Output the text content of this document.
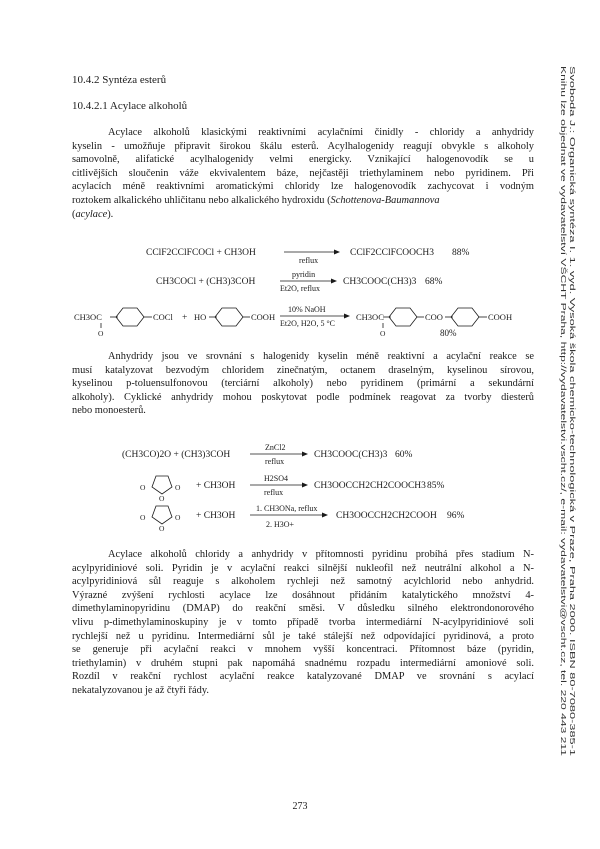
10.4.2 Syntéza esterů
10.4.2.1 Acylace alkoholů
Acylace alkoholů klasickými reaktivními acylačními činidly - chloridy a anhydridy
kyselin - umožňuje připravit širokou škálu esterů. Acylhalogenidy reagují obvykle s alkoholy
samovolně, alifatické acylhalogenidy velmi energicky. Vznikající halogenovodík se u
citlivějších sloučenin váže ekvivalentem báze, nejčastěji triethylaminem nebo pyridinem. Při
acylacích méně reaktivními aromatickými chloridy lze halogenovodík zachycovat i vodným
roztokem alkalického uhličitanu nebo alkalického hydroxidu (Schottenova-Baumannova
(acylace).
CClF2CClFCOCl + CH3OH
reflux
CClF2CClFCOOCH3 88%
CH3COCl + (CH3)3COH
pyridin
Et2O, reflux
CH3COOC(CH3)3 68%
CH3OC
O
COCl + HO	COOH
10% NaOH
Et2O, H2O, 5 °C
CH3OC
O
COO	COOH
80%
Anhydridy jsou ve srovnání s halogenidy kyselin méně reaktivní a acylační reakce se
musí katalyzovat bezvodým chloridem zinečnatým, octanem draselným, kyselinou sírovou,
kyselinou p-toluensulfonovou (terciární alkoholy) nebo pyridinem (primární a sekundární
alkoholy). Cyklické anhydridy mohou poskytovat podle podmínek reagovat za tvorby diesterů
nebo monoesterů.
(CH3CO)2O + (CH3)3COH
ZnCl2
reflux
CH3COOC(CH3)3 60%
O	O
O
+ CH3OH
H2SO4
reflux
CH3OOCCH2CH2COOCH3 85%
O	O
O
+ CH3OH
1. CH3ONa, reflux
2. H3O+
CH3OOCCH2CH2COOH 96%
Acylace alkoholů chloridy a anhydridy v přítomnosti pyridinu probíhá přes stadium N-
acylpyridiniové soli. Pyridin je v acylační reakci silnější nukleofil než neutrální alkohol a N-
acylpyridiniová sůl reaguje s alkoholem rychleji než samotný acylchlorid nebo anhydrid.
Výrazné zvýšení rychlosti acylace lze dosáhnout přidáním katalytického množství 4-
dimethylaminopyridinu (DMAP) do reakční směsi. V důsledku silného elektrondonorového
vlivu p-dimethylaminoskupiny je v tomto případě tvorba intermediární N-acylpyridiniové soli
rychlejší než u pyridinu. Intermediární sůl je také stálejší než odpovídající pyridinová, a proto
se generuje při acylační reakci v mnohem vyšší koncentraci. Přítomnost báze (pyridin,
triethylamin) v druhém stupni pak napomáhá snadnému rozpadu intermediární amoniové soli.
Rozdíl v reakční rychlost acylační reakce katalyzované DMAP ve srovnání s acylací
nekatalyzovanou je až čtyři řády.
Svoboda J.: Organická syntéza I. 1. vyd. Vysoká škola chemicko-technologická v Praze, Praha 2000. ISBN 80-7080-385-1
Knihu lze objednat ve vydavatelství VŠCHT Praha, http://vydavatelstvi.vscht.cz/, e-mail: vydavatelstvi@vscht.cz, tel. 220 443 211
273
